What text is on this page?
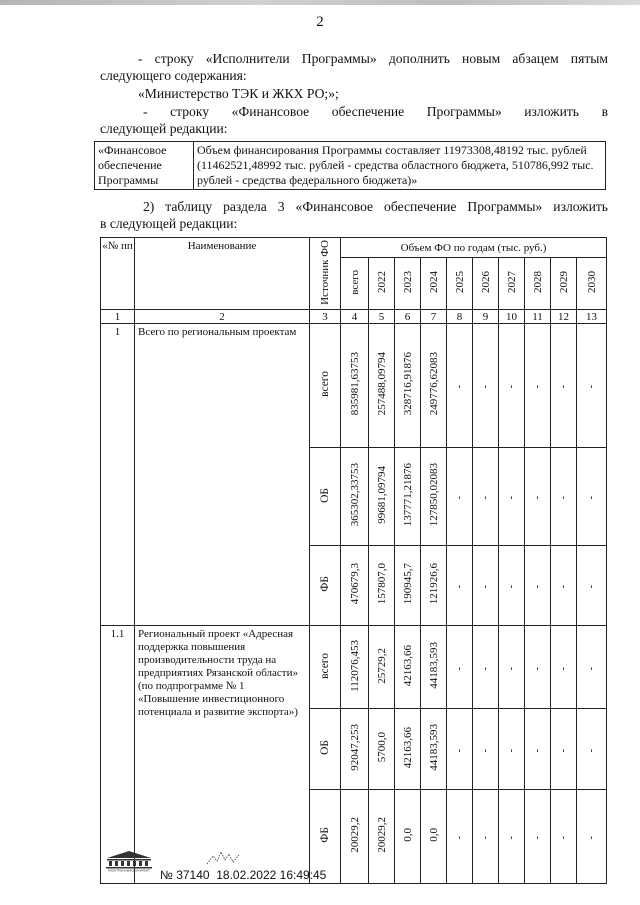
2
- строку «Исполнители Программы» дополнить новым абзацем пятым
следующего содержания:
«Министерство ТЭК и ЖКХ РО;»;
- строку «Финансовое обеспечение Программы» изложить в
следующей редакции:
«Финансовое обеспечение Программы	Объем финансирования Программы составляет 11973308,48192 тыс. рублей (11462521,48992 тыс. рублей - средства областного бюджета, 510786,992 тыс. рублей - средства федерального бюджета)»
2) таблицу раздела 3 «Финансовое обеспечение Программы» изложить
в следующей редакции:
«№ пп	Наименование	Источник ФО	Объем ФО по годам (тыс. руб.)									
			всего	2022	2023	2024	2025	2026	2027	2028	2029	2030
1	2	3	4	5	6	7	8	9	10	11	12	13
1	Всего по региональным проектам	всего	835981,63753	257488,09794	328716,91876	249776,62083	-	-	-	-	-	-
		ОБ	365302,33753	99681,09794	137771,21876	127850,02083	-	-	-	-	-	-
		ФБ	470679,3	157807,0	190945,7	121926,6	-	-	-	-	-	-
1.1	Региональный проект «Адресная поддержка повышения производительности труда на предприятиях Рязанской области» (по подпрограмме № 1 «Повышение инвестиционного потенциала и развитие экспорта»)	всего	112076,453	25729,2	42163,66	44183,593	-	-	-	-	-	-
		ОБ	92047,253	5700,0	42163,66	44183,593	-	-	-	-	-	-
		ФБ	20029,2	20029,2	0,0	0,0	-	-	-	-	-	-
ЕЛЕКТРОННЫЙ ДОКУМЕНТ № 37140 18.02.2022 16:49:45
